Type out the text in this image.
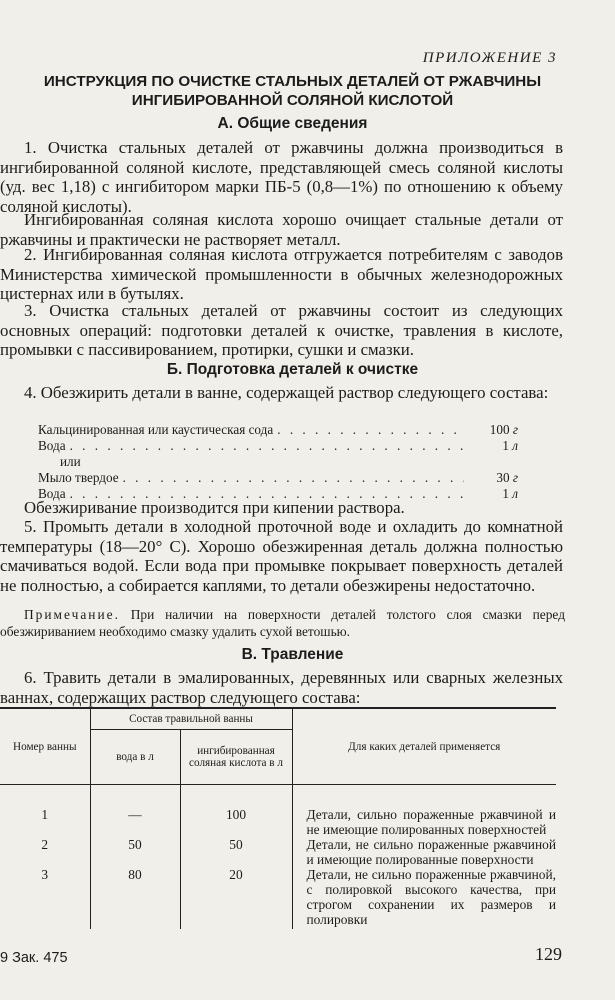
ПРИЛОЖЕНИЕ 3
ИНСТРУКЦИЯ ПО ОЧИСТКЕ СТАЛЬНЫХ ДЕТАЛЕЙ ОТ РЖАВЧИНЫ
ИНГИБИРОВАННОЙ СОЛЯНОЙ КИСЛОТОЙ
А. Общие сведения
1. Очистка стальных деталей от ржавчины должна производиться в ингибированной соляной кислоте, представляющей смесь соляной кислоты (уд. вес 1,18) с ингибитором марки ПБ-5 (0,8—1%) по отношению к объему соляной кислоты).
Ингибированная соляная кислота хорошо очищает стальные детали от ржавчины и практически не растворяет металл.
2. Ингибированная соляная кислота отгружается потребителям с заводов Министерства химической промышленности в обычных железнодорожных цистернах или в бутылях.
3. Очистка стальных деталей от ржавчины состоит из следующих основных операций: подготовки деталей к очистке, травления в кислоте, промывки с пассивированием, протирки, сушки и смазки.
Б. Подготовка деталей к очистке
4. Обезжирить детали в ванне, содержащей раствор следующего состава:
Кальцинированная или каустическая сода . . .	100 г
Вода . . .	1 л
или
Мыло твердое . . .	30 г
Вода . . .	1 л
Обезжиривание производится при кипении раствора.
5. Промыть детали в холодной проточной воде и охладить до комнатной температуры (18—20° С). Хорошо обезжиренная деталь должна полностью смачиваться водой. Если вода при промывке покрывает поверхность деталей не полностью, а собирается каплями, то детали обезжирены недостаточно.
Примечание. При наличии на поверхности деталей толстого слоя смазки перед обезжириванием необходимо смазку удалить сухой ветошью.
В. Травление
6. Травить детали в эмалированных, деревянных или сварных железных ваннах, содержащих раствор следующего состава:
Номер ванны	Состав травильной ванны		Для каких деталей применяется
	вода в л	ингибированная соляная кислота в л	
1	—	100	Детали, сильно пораженные ржавчиной и не имеющие полированных поверхностей
2	50	50	Детали, не сильно пораженные ржавчиной и имеющие полированные поверхности
3	80	20	Детали, не сильно пораженные ржавчиной, с полировкой высокого качества, при строгом сохранении их размеров и полировки
9 Зак. 475	129
